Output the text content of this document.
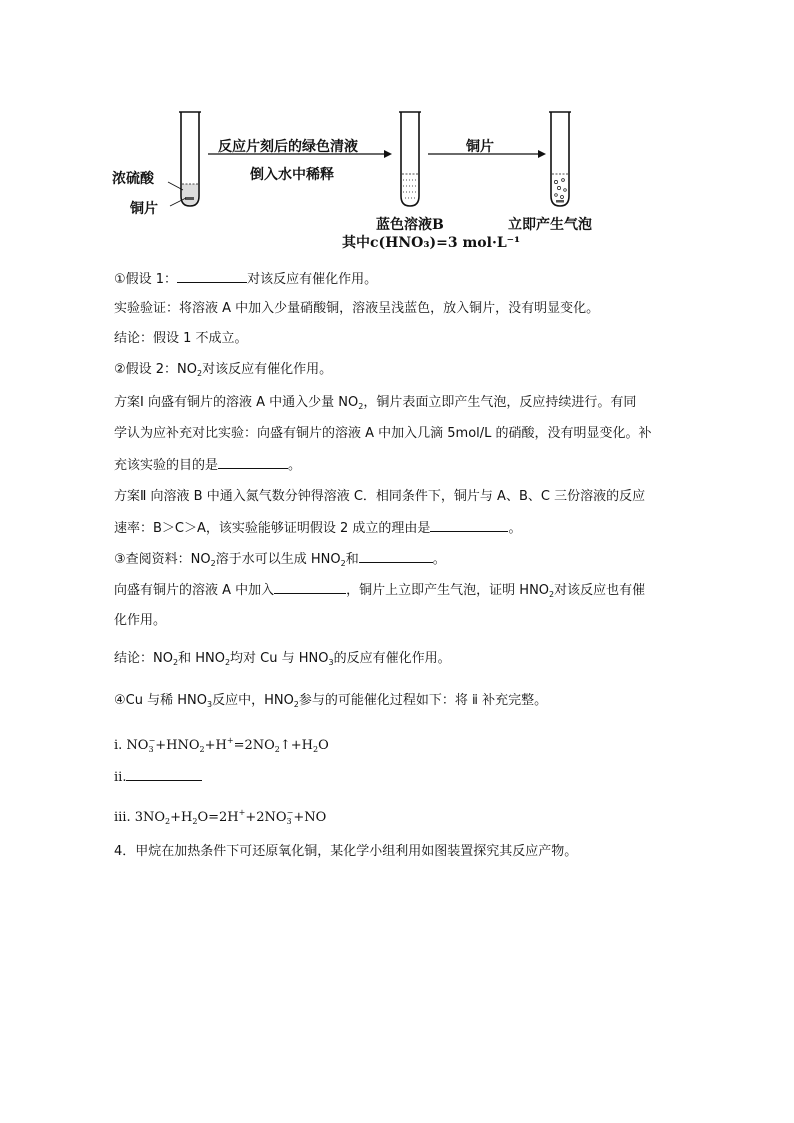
浓硫酸
铜片
反应片刻后的绿色清液
倒入水中稀释
铜片
蓝色溶液B
其中c(HNO₃)=3 mol·L⁻¹
立即产生气泡
①假设 1：	对该反应有催化作用。
实验验证：将溶液 A 中加入少量硝酸铜，溶液呈浅蓝色，放入铜片，没有明显变化。
结论：假设 1 不成立。
②假设 2：$NO_2$对该反应有催化作用。
方案Ⅰ 向盛有铜片的溶液 A 中通入少量 $NO_2$，铜片表面立即产生气泡，反应持续进行。有同
学认为应补充对比实验：向盛有铜片的溶液 A 中加入几滴 5mol/L 的硝酸，没有明显变化。补
充该实验的目的是	。
方案Ⅱ 向溶液 B 中通入氮气数分钟得溶液 C．相同条件下，铜片与 A、B、C 三份溶液的反应
速率：B＞C＞A，该实验能够证明假设 2 成立的理由是	。
③查阅资料：$NO_2$溶于水可以生成 $HNO_2$和	。
向盛有铜片的溶液 A 中加入	，铜片上立即产生气泡，证明 $HNO_2$对该反应也有催
化作用。
结论：$NO_2$和 $HNO_2$均对 Cu 与 $HNO_3$的反应有催化作用。
④Cu 与稀 $HNO_3$反应中，$HNO_2$参与的可能催化过程如下：将 ⅱ 补充完整。
ⅰ. $NO_3^-+HNO_2+H^+=2NO_2↑+H_2O$
ⅱ.
ⅲ. $3NO_2+H_2O=2H^++2NO_3^-+NO$
4．甲烷在加热条件下可还原氧化铜，某化学小组利用如图装置探究其反应产物。
